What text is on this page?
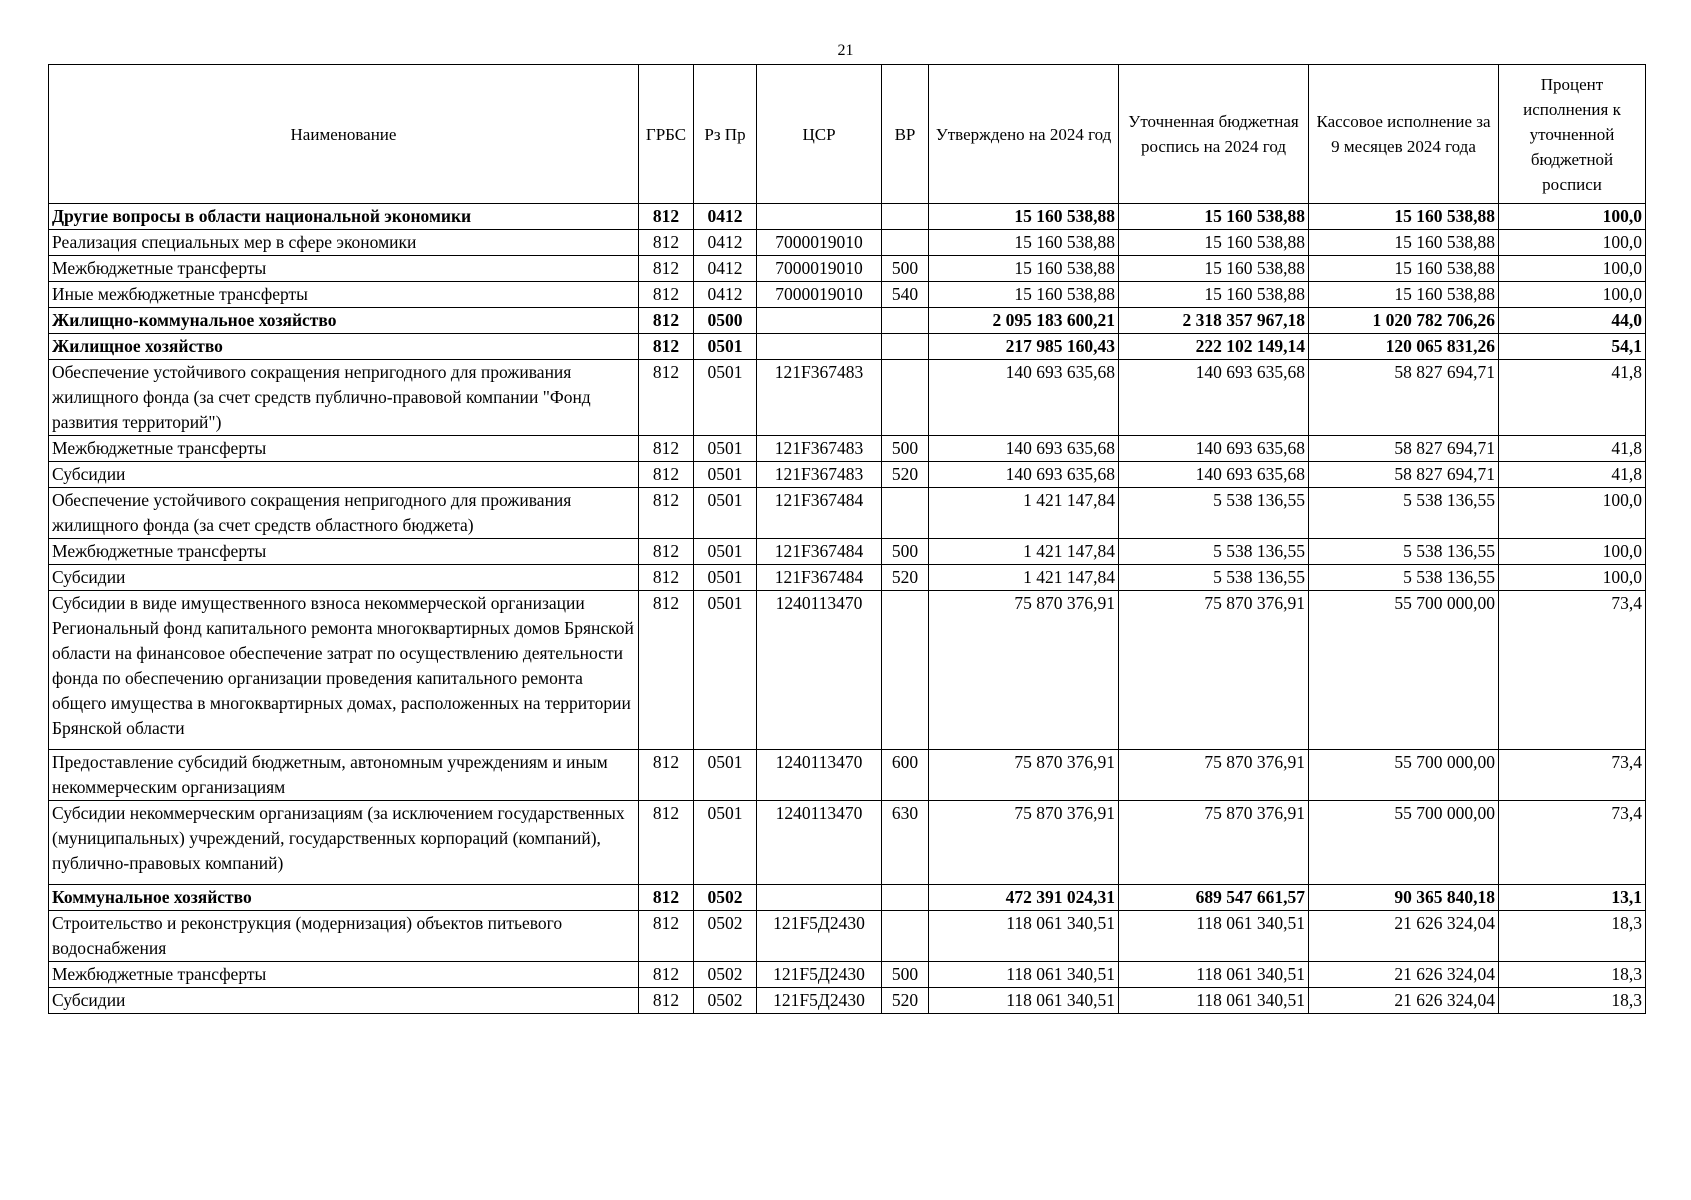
21
Наименование	ГРБС	Рз Пр	ЦСР	ВР	Утверждено на 2024 год	Уточненная бюджетная роспись на 2024 год	Кассовое исполнение за 9 месяцев 2024 года	Процент исполнения к уточненной бюджетной росписи
Другие вопросы в области национальной экономики	812	0412			15 160 538,88	15 160 538,88	15 160 538,88	100,0
Реализация специальных мер в сфере экономики	812	0412	7000019010		15 160 538,88	15 160 538,88	15 160 538,88	100,0
Межбюджетные трансферты	812	0412	7000019010	500	15 160 538,88	15 160 538,88	15 160 538,88	100,0
Иные межбюджетные трансферты	812	0412	7000019010	540	15 160 538,88	15 160 538,88	15 160 538,88	100,0
Жилищно-коммунальное хозяйство	812	0500			2 095 183 600,21	2 318 357 967,18	1 020 782 706,26	44,0
Жилищное хозяйство	812	0501			217 985 160,43	222 102 149,14	120 065 831,26	54,1
Обеспечение устойчивого сокращения непригодного для проживания жилищного фонда (за счет средств публично-правовой компании "Фонд развития территорий")	812	0501	121F367483		140 693 635,68	140 693 635,68	58 827 694,71	41,8
Межбюджетные трансферты	812	0501	121F367483	500	140 693 635,68	140 693 635,68	58 827 694,71	41,8
Субсидии	812	0501	121F367483	520	140 693 635,68	140 693 635,68	58 827 694,71	41,8
Обеспечение устойчивого сокращения непригодного для проживания жилищного фонда (за счет средств областного бюджета)	812	0501	121F367484		1 421 147,84	5 538 136,55	5 538 136,55	100,0
Межбюджетные трансферты	812	0501	121F367484	500	1 421 147,84	5 538 136,55	5 538 136,55	100,0
Субсидии	812	0501	121F367484	520	1 421 147,84	5 538 136,55	5 538 136,55	100,0
Субсидии в виде имущественного взноса некоммерческой организации Региональный фонд капитального ремонта многоквартирных домов Брянской области на финансовое обеспечение затрат по осуществлению деятельности фонда по обеспечению организации проведения капитального ремонта общего имущества в многоквартирных домах, расположенных на территории Брянской области	812	0501	1240113470		75 870 376,91	75 870 376,91	55 700 000,00	73,4
Предоставление субсидий бюджетным, автономным учреждениям и иным некоммерческим организациям	812	0501	1240113470	600	75 870 376,91	75 870 376,91	55 700 000,00	73,4
Субсидии некоммерческим организациям (за исключением государственных (муниципальных) учреждений, государственных корпораций (компаний), публично-правовых компаний)	812	0501	1240113470	630	75 870 376,91	75 870 376,91	55 700 000,00	73,4
Коммунальное хозяйство	812	0502			472 391 024,31	689 547 661,57	90 365 840,18	13,1
Строительство и реконструкция (модернизация) объектов питьевого водоснабжения	812	0502	121F5Д2430		118 061 340,51	118 061 340,51	21 626 324,04	18,3
Межбюджетные трансферты	812	0502	121F5Д2430	500	118 061 340,51	118 061 340,51	21 626 324,04	18,3
Субсидии	812	0502	121F5Д2430	520	118 061 340,51	118 061 340,51	21 626 324,04	18,3
